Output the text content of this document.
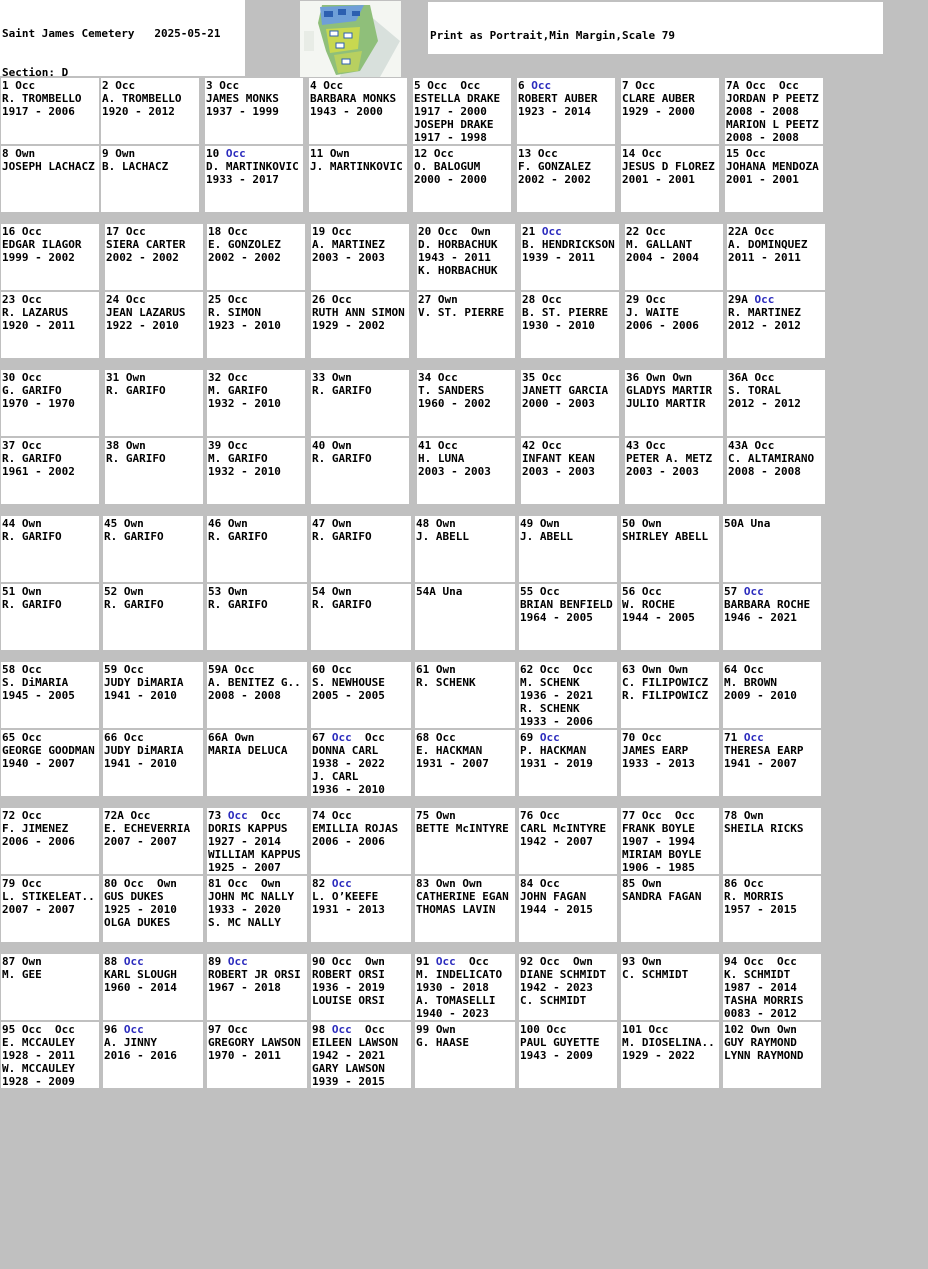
Saint James Cemetery   2025-05-21

Section: D

Print as Portrait,Min Margin,Scale 79

1 Occ
R. TROMBELLO
1917 - 2006
2 Occ
A. TROMBELLO
1920 - 2012
3 Occ
JAMES MONKS
1937 - 1999
4 Occ
BARBARA MONKS
1943 - 2000
5 Occ  Occ
ESTELLA DRAKE
1917 - 2000
JOSEPH DRAKE
1917 - 1998
6 Occ
ROBERT AUBER
1923 - 2014
7 Occ
CLARE AUBER
1929 - 2000
7A Occ  Occ
JORDAN P PEETZ
2008 - 2008
MARION L PEETZ
2008 - 2008
8 Own
JOSEPH LACHACZ
9 Own
B. LACHACZ
10 Occ
D. MARTINKOVIC
1933 - 2017
11 Own
J. MARTINKOVIC
12 Occ
O. BALOGUM
2000 - 2000
13 Occ
F. GONZALEZ
2002 - 2002
14 Occ
JESUS D FLOREZ
2001 - 2001
15 Occ
JOHANA MENDOZA
2001 - 2001
16 Occ
EDGAR ILAGOR
1999 - 2002
17 Occ
SIERA CARTER
2002 - 2002
18 Occ
E. GONZOLEZ
2002 - 2002
19 Occ
A. MARTINEZ
2003 - 2003
20 Occ  Own
D. HORBACHUK
1943 - 2011
K. HORBACHUK
21 Occ
B. HENDRICKSON
1939 - 2011
22 Occ
M. GALLANT
2004 - 2004
22A Occ
A. DOMINQUEZ
2011 - 2011
23 Occ
R. LAZARUS
1920 - 2011
24 Occ
JEAN LAZARUS
1922 - 2010
25 Occ
R. SIMON
1923 - 2010
26 Occ
RUTH ANN SIMON
1929 - 2002
27 Own
V. ST. PIERRE
28 Occ
B. ST. PIERRE
1930 - 2010
29 Occ
J. WAITE
2006 - 2006
29A Occ
R. MARTINEZ
2012 - 2012
30 Occ
G. GARIFO
1970 - 1970
31 Own
R. GARIFO
32 Occ
M. GARIFO
1932 - 2010
33 Own
R. GARIFO
34 Occ
T. SANDERS
1960 - 2002
35 Occ
JANETT GARCIA
2000 - 2003
36 Own Own
GLADYS MARTIR
JULIO MARTIR
36A Occ
S. TORAL
2012 - 2012
37 Occ
R. GARIFO
1961 - 2002
38 Own
R. GARIFO
39 Occ
M. GARIFO
1932 - 2010
40 Own
R. GARIFO
41 Occ
H. LUNA
2003 - 2003
42 Occ
INFANT KEAN
2003 - 2003
43 Occ
PETER A. METZ
2003 - 2003
43A Occ
C. ALTAMIRANO
2008 - 2008
44 Own
R. GARIFO
45 Own
R. GARIFO
46 Own
R. GARIFO
47 Own
R. GARIFO
48 Own
J. ABELL
49 Own
J. ABELL
50 Own
SHIRLEY ABELL
50A Una
51 Own
R. GARIFO
52 Own
R. GARIFO
53 Own
R. GARIFO
54 Own
R. GARIFO
54A Una	55 Occ
BRIAN BENFIELD
1964 - 2005
56 Occ
W. ROCHE
1944 - 2005
57 Occ
BARBARA ROCHE
1946 - 2021
58 Occ
S. DiMARIA
1945 - 2005
59 Occ
JUDY DiMARIA
1941 - 2010
59A Occ
A. BENITEZ G..
2008 - 2008
60 Occ
S. NEWHOUSE
2005 - 2005
61 Own
R. SCHENK
62 Occ  Occ
M. SCHENK
1936 - 2021
R. SCHENK
1933 - 2006
63 Own Own
C. FILIPOWICZ
R. FILIPOWICZ
64 Occ
M. BROWN
2009 - 2010
65 Occ
GEORGE GOODMAN
1940 - 2007
66 Occ
JUDY DiMARIA
1941 - 2010
66A Own
MARIA DELUCA
67 Occ  Occ
DONNA CARL
1938 - 2022
J. CARL
1936 - 2010
68 Occ
E. HACKMAN
1931 - 2007
69 Occ
P. HACKMAN
1931 - 2019
70 Occ
JAMES EARP
1933 - 2013
71 Occ
THERESA EARP
1941 - 2007
72 Occ
F. JIMENEZ
2006 - 2006
72A Occ
E. ECHEVERRIA
2007 - 2007
73 Occ  Occ
DORIS KAPPUS
1927 - 2014
WILLIAM KAPPUS
1925 - 2007
74 Occ
EMILLIA ROJAS
2006 - 2006
75 Own
BETTE McINTYRE
76 Occ
CARL McINTYRE
1942 - 2007
77 Occ  Occ
FRANK BOYLE
1907 - 1994
MIRIAM BOYLE
1906 - 1985
78 Own
SHEILA RICKS
79 Occ
L. STIKELEAT..
2007 - 2007
80 Occ  Own
GUS DUKES
1925 - 2010
OLGA DUKES
81 Occ  Own
JOHN MC NALLY
1933 - 2020
S. MC NALLY
82 Occ
L. O’KEEFE
1931 - 2013
83 Own Own
CATHERINE EGAN
THOMAS LAVIN
84 Occ
JOHN FAGAN
1944 - 2015
85 Own
SANDRA FAGAN
86 Occ
R. MORRIS
1957 - 2015
87 Own
M. GEE
88 Occ
KARL SLOUGH
1960 - 2014
89 Occ
ROBERT JR ORSI
1967 - 2018
90 Occ  Own
ROBERT ORSI
1936 - 2019
LOUISE ORSI
91 Occ  Occ
M. INDELICATO
1930 - 2018
A. TOMASELLI
1940 - 2023
92 Occ  Own
DIANE SCHMIDT
1942 - 2023
C. SCHMIDT
93 Own
C. SCHMIDT
94 Occ  Occ
K. SCHMIDT
1987 - 2014
TASHA MORRIS
0083 - 2012
95 Occ  Occ
E. MCCAULEY
1928 - 2011
W. MCCAULEY
1928 - 2009
96 Occ
A. JINNY
2016 - 2016
97 Occ
GREGORY LAWSON
1970 - 2011
98 Occ  Occ
EILEEN LAWSON
1942 - 2021
GARY LAWSON
1939 - 2015
99 Own
G. HAASE
100 Occ
PAUL GUYETTE
1943 - 2009
101 Occ
M. DIOSELINA..
1929 - 2022
102 Own Own
GUY RAYMOND
LYNN RAYMOND
